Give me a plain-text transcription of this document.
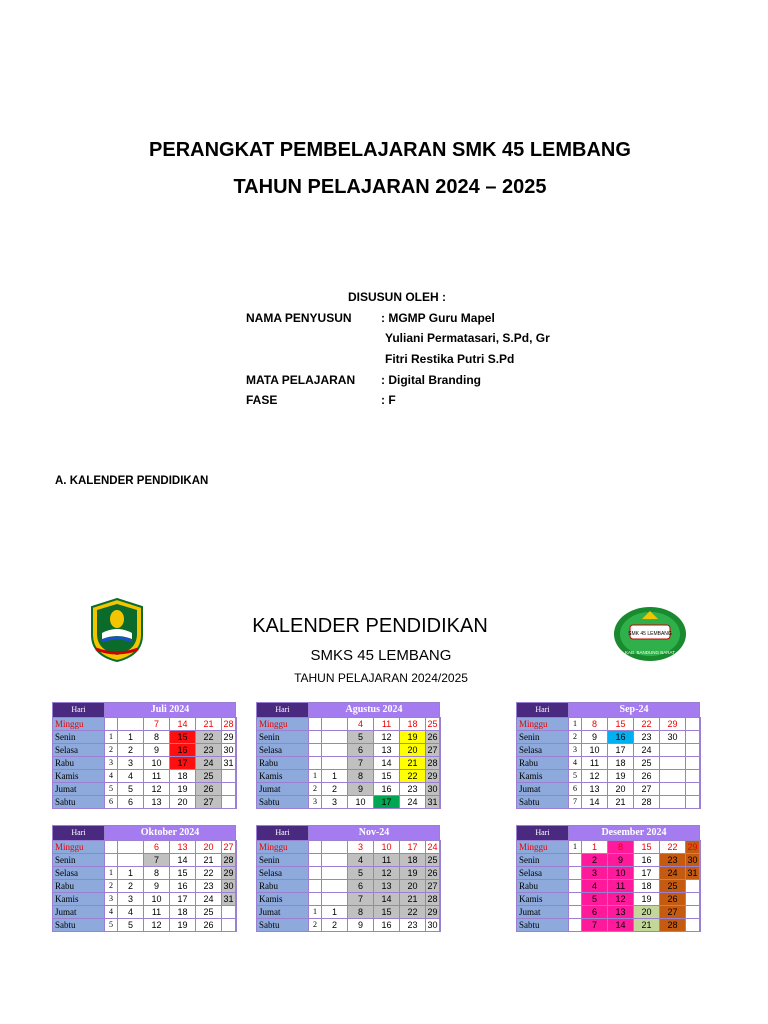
PERANGKAT PEMBELAJARAN SMK 45 LEMBANG
TAHUN PELAJARAN 2024 – 2025
DISUSUN OLEH :
NAMA PENYUSUN : MGMP Guru Mapel
Yuliani Permatasari, S.Pd, Gr
Fitri Restika Putri S.Pd
MATA PELAJARAN : Digital Branding
FASE	: F
A. KALENDER PENDIDIKAN
SMK 45 LEMBANG
KAB. BANDUNG BARAT
KALENDER PENDIDIKAN
SMKS 45 LEMBANG
TAHUN PELAJARAN 2024/2025
Hari	Juli 2024						
Minggu			7	14	21	28	
Senin	1	1	8	15	22	29	
Selasa	2	2	9	16	23	30	
Rabu	3	3	10	17	24	31	
Kamis	4	4	11	18	25		
Jumat	5	5	12	19	26		
Sabtu	6	6	13	20	27		
Hari	Agustus 2024						
Minggu			4	11	18	25	
Senin			5	12	19	26	
Selasa			6	13	20	27	
Rabu			7	14	21	28	
Kamis	1	1	8	15	22	29	
Jumat	2	2	9	16	23	30	
Sabtu	3	3	10	17	24	31	
Hari	Sep-24						
Minggu	1	8	15	22	29		
Senin	2	9	16	23	30		
Selasa	3	10	17	24			
Rabu	4	11	18	25			
Kamis	5	12	19	26			
Jumat	6	13	20	27			
Sabtu	7	14	21	28			
Hari	Oktober 2024						
Minggu			6	13	20	27	
Senin			7	14	21	28	
Selasa	1	1	8	15	22	29	
Rabu	2	2	9	16	23	30	
Kamis	3	3	10	17	24	31	
Jumat	4	4	11	18	25		
Sabtu	5	5	12	19	26		
Hari	Nov-24						
Minggu			3	10	17	24	
Senin			4	11	18	25	
Selasa			5	12	19	26	
Rabu			6	13	20	27	
Kamis			7	14	21	28	
Jumat	1	1	8	15	22	29	
Sabtu	2	2	9	16	23	30	
Hari	Desember 2024						
Minggu	1	1	8	15	22	29	
Senin		2	9	16	23	30	
Selasa		3	10	17	24	31	
Rabu		4	11	18	25		
Kamis		5	12	19	26		
Jumat		6	13	20	27		
Sabtu		7	14	21	28		
